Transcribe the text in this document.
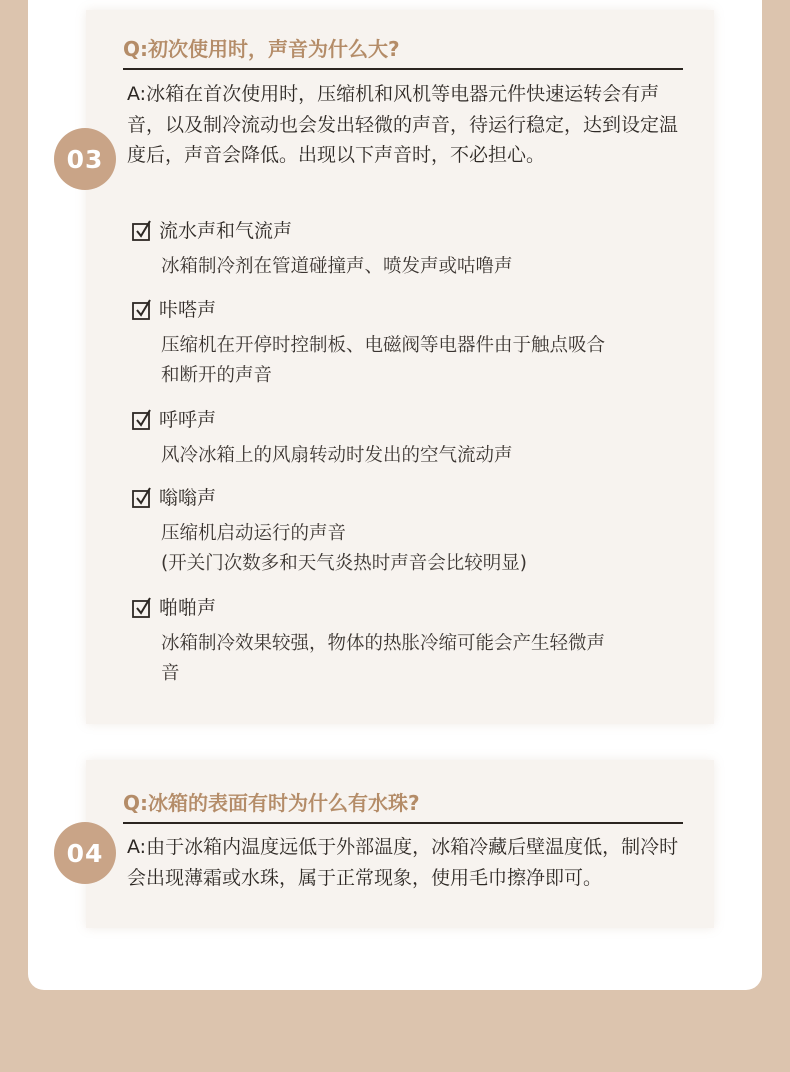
Q:初次使用时，声音为什么大?
A:冰箱在首次使用时，压缩机和风机等电器元件快速运转会有声音，以及制冷流动也会发出轻微的声音，待运行稳定，达到设定温度后，声音会降低。出现以下声音时，不必担心。
流水声和气流声
冰箱制冷剂在管道碰撞声、喷发声或咕噜声
咔嗒声
压缩机在开停时控制板、电磁阀等电器件由于触点吸合
和断开的声音
呼呼声
风冷冰箱上的风扇转动时发出的空气流动声
嗡嗡声
压缩机启动运行的声音
(开关门次数多和天气炎热时声音会比较明显)
啪啪声
冰箱制冷效果较强，物体的热胀冷缩可能会产生轻微声
音
03
Q:冰箱的表面有时为什么有水珠?
A:由于冰箱内温度远低于外部温度，冰箱冷藏后壁温度低，制冷时会出现薄霜或水珠，属于正常现象，使用毛巾擦净即可。
04
